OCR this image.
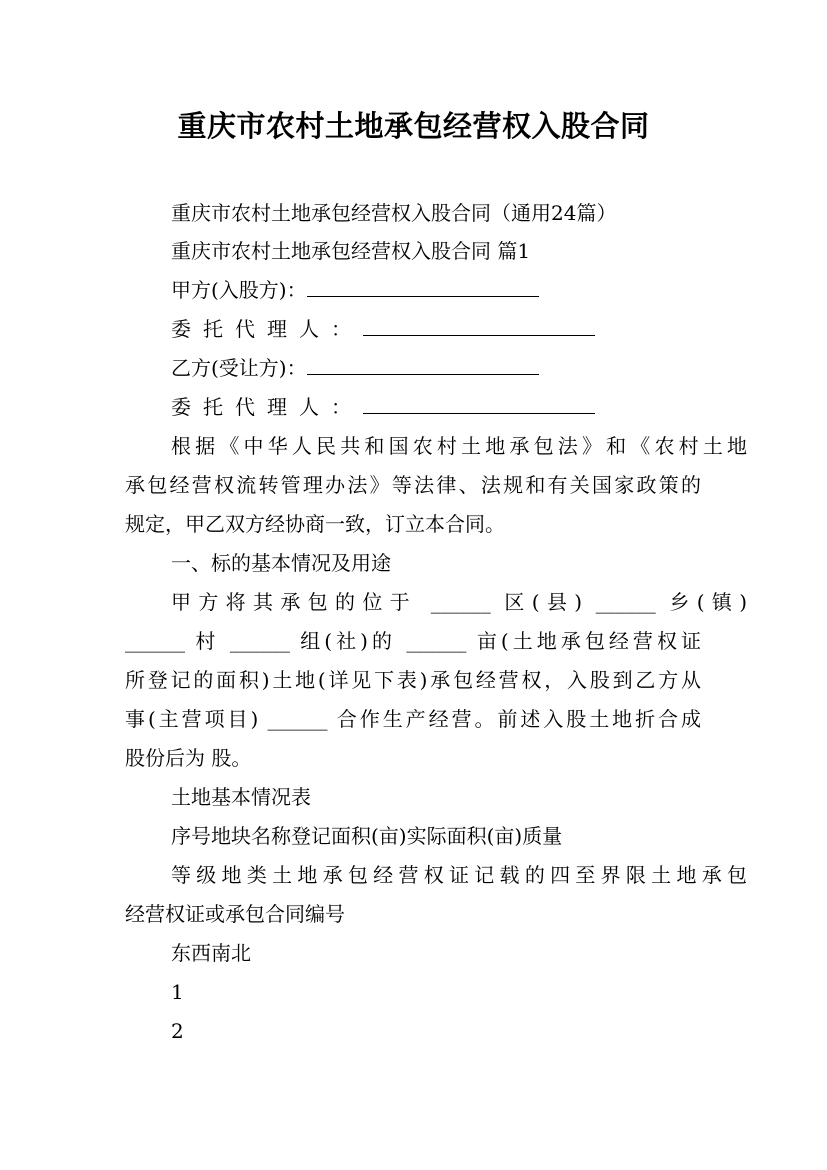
重庆市农村土地承包经营权入股合同
重庆市农村土地承包经营权入股合同（通用24篇）
重庆市农村土地承包经营权入股合同 篇1
甲方(入股方)：
委托代理人：
乙方(受让方)：
委托代理人：
根据《中华人民共和国农村土地承包法》和《农村土地
承包经营权流转管理办法》等法律、法规和有关国家政策的
规定，甲乙双方经协商一致，订立本合同。
一、标的基本情况及用途
甲方将其承包的位于 ______ 区(县) ______ 乡(镇)
______ 村 ______ 组(社)的 ______ 亩(土地承包经营权证
所登记的面积)土地(详见下表)承包经营权，入股到乙方从
事(主营项目) ______ 合作生产经营。前述入股土地折合成
股份后为 股。
土地基本情况表
序号地块名称登记面积(亩)实际面积(亩)质量
等级地类土地承包经营权证记载的四至界限土地承包
经营权证或承包合同编号
东西南北
1
2
